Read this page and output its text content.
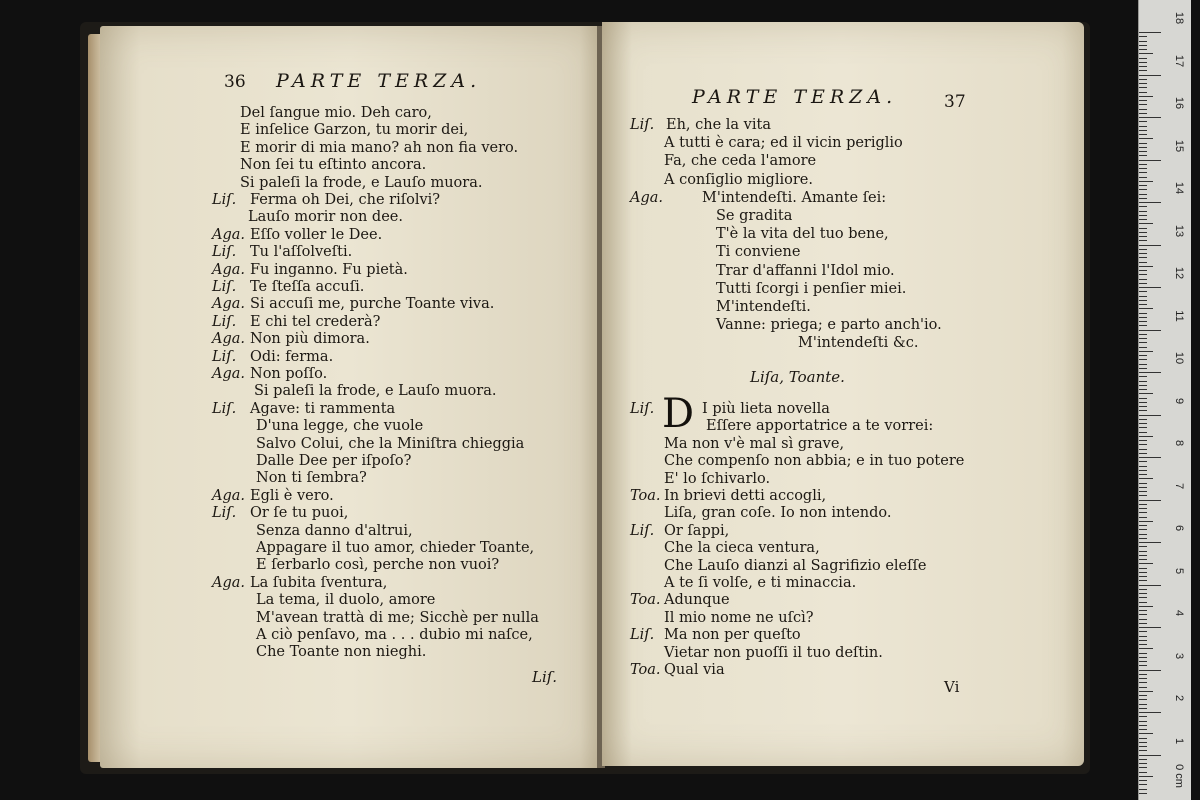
36 PARTE TERZA.
Del ſangue mio. Deh caro,
E inſelice Garzon, tu morir dei,
E morir di mia mano? ah non fia vero.
Non ſei tu eſtinto ancora.
Si paleſi la frode, e Lauſo muora.
Liſ. Ferma oh Dei, che riſolvi?
Lauſo morir non dee.
Aga. Eſſo voller le Dee.
Liſ. Tu l'aſſolveſti.
Aga. Fu inganno. Fu pietà.
Liſ. Te ſteſſa accuſi.
Aga. Si accuſi me, purche Toante viva.
Liſ. E chi tel crederà?
Aga. Non più dimora.
Liſ. Odi: ferma.
Aga. Non poſſo.
Si paleſi la frode, e Lauſo muora.
Liſ. Agave: ti rammenta
D'una legge, che vuole
Salvo Colui, che la Miniſtra chieggia
Dalle Dee per iſpoſo?
Non ti ſembra?
Aga. Egli è vero.
Liſ. Or ſe tu puoi,
Senza danno d'altrui,
Appagare il tuo amor, chieder Toante,
E ſerbarlo così, perche non vuoi?
Aga. La ſubita ſventura,
La tema, il duolo, amore
M'avean trattà di me; Sicchè per nulla
A ciò penſavo, ma . . . dubio mi naſce,
Che Toante non nieghi.
Liſ.
PARTE TERZA.	37
Liſ. Eh, che la vita
A tutti è cara; ed il vicin periglio
Fa, che ceda l'amore
A conſiglio migliore.
Aga.	M'intendeſti. Amante ſei:
Se gradita
T'è la vita del tuo bene,
Ti conviene
Trar d'affanni l'Idol mio.
Tutti ſcorgi i penſier miei.
M'intendeſti.
Vanne: priega; e parto anch'io.
M'intendeſti &c.
Liſa, Toante.
D
Liſ.	I più lieta novella
Eſſere apportatrice a te vorrei:
Ma non v'è mal sì grave,
Che compenſo non abbia; e in tuo potere
E' lo ſchivarlo.
Toa. In brievi detti accogli,
Liſa, gran coſe. Io non intendo.
Liſ. Or ſappi,
Che la cieca ventura,
Che Lauſo dianzi al Sagrifizio eleſſe
A te ſi volſe, e ti minaccia.
Toa. Adunque
Il mio nome ne uſcì?
Liſ. Ma non per queſto
Vietar non puoſſi il tuo deſtin.
Toa. Qual via
Vi
18
17
16
15
14
13
12
11
10
9
8
7
6
5
4
3
2
1
0 cm
